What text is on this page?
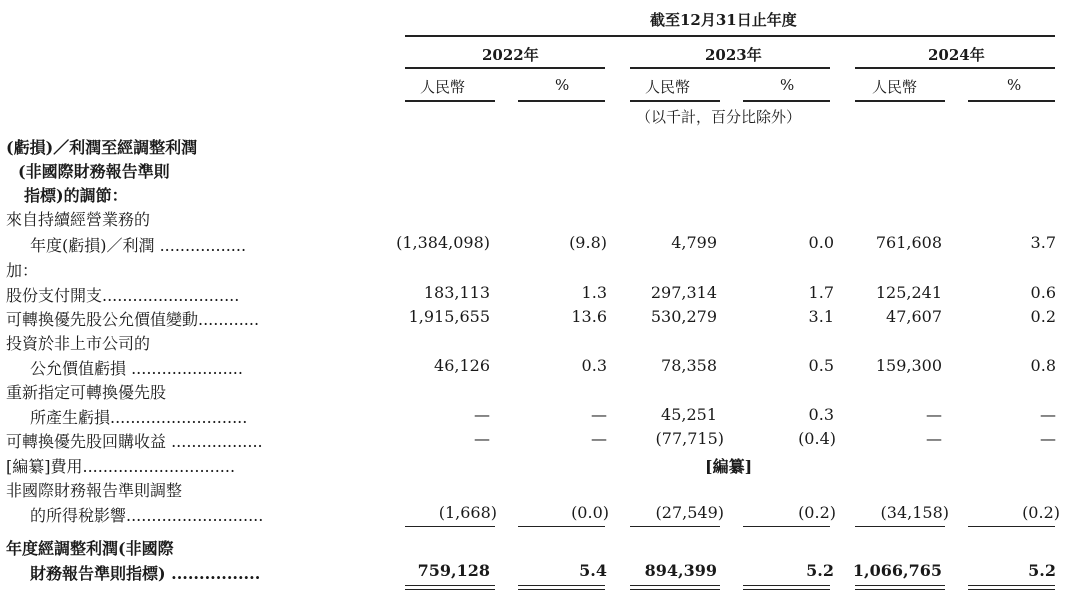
截至12月31日止年度
2022年	2023年	2024年
人民幣	%	人民幣	%	人民幣	%
（以千計，百分比除外）
(虧損)／利潤至經調整利潤
(非國際財務報告準則
指標)的調節：
來自持續經營業務的
年度(虧損)／利潤 .................	(1,384,098)	(9.8)	4,799	0.0	761,608	3.7
加：
股份支付開支...........................	183,113	1.3	297,314	1.7	125,241	0.6
可轉換優先股公允價值變動............	1,915,655	13.6	530,279	3.1	47,607	0.2
投資於非上市公司的
公允價值虧損 ......................	46,126	0.3	78,358	0.5	159,300	0.8
重新指定可轉換優先股
所產生虧損...........................	—	—	45,251	0.3	—	—
可轉換優先股回購收益 ..................	—	—	(77,715)	(0.4)	—	—
[編纂]費用..............................	[編纂]
非國際財務報告準則調整
的所得稅影響...........................	(1,668)	(0.0)	(27,549)	(0.2)	(34,158)	(0.2)
年度經調整利潤(非國際
財務報告準則指標) ................	759,128	5.4 894,399	5.2 1,066,765	5.2
